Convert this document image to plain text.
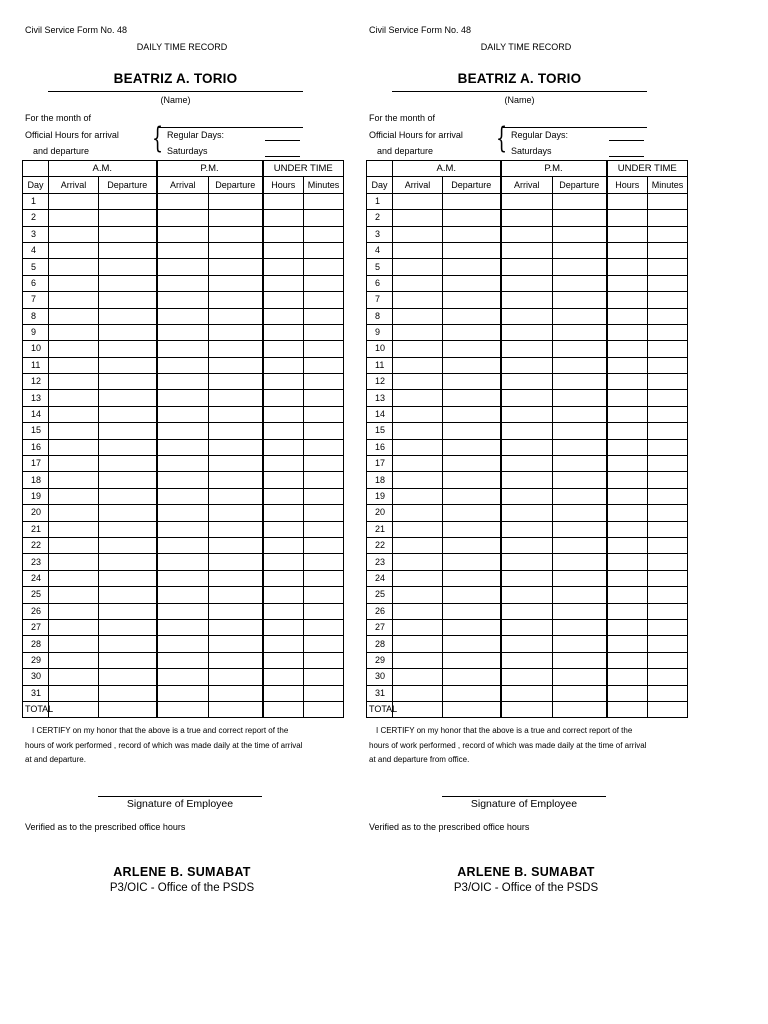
Civil Service Form No. 48
DAILY TIME RECORD
BEATRIZ A. TORIO
(Name)
For the month of
Official Hours for arrival
and departure { Regular Days:
Saturdays
	A.M.		P.M.		UNDER TIME	
Day	Arrival	Departure	Arrival	Departure	Hours	Minutes
1						
2						
3						
4						
5						
6						
7						
8						
9						
10						
11						
12						
13						
14						
15						
16						
17						
18						
19						
20						
21						
22						
23						
24						
25						
26						
27						
28						
29						
30						
31						
TOTAL						
I CERTIFY on my honor that the above is a true and correct report of the
hours of work performed , record of which was made daily at the time of arrival
at and departure.
Signature of Employee
Verified as to the prescribed office hours
ARLENE B. SUMABAT
P3/OIC - Office of the PSDS
Civil Service Form No. 48
DAILY TIME RECORD
BEATRIZ A. TORIO
(Name)
For the month of
Official Hours for arrival
and departure { Regular Days:
Saturdays
	A.M.		P.M.		UNDER TIME	
Day	Arrival	Departure	Arrival	Departure	Hours	Minutes
1						
2						
3						
4						
5						
6						
7						
8						
9						
10						
11						
12						
13						
14						
15						
16						
17						
18						
19						
20						
21						
22						
23						
24						
25						
26						
27						
28						
29						
30						
31						
TOTAL						
I CERTIFY on my honor that the above is a true and correct report of the
hours of work performed , record of which was made daily at the time of arrival
at and departure from office.
Signature of Employee
Verified as to the prescribed office hours
ARLENE B. SUMABAT
P3/OIC - Office of the PSDS
